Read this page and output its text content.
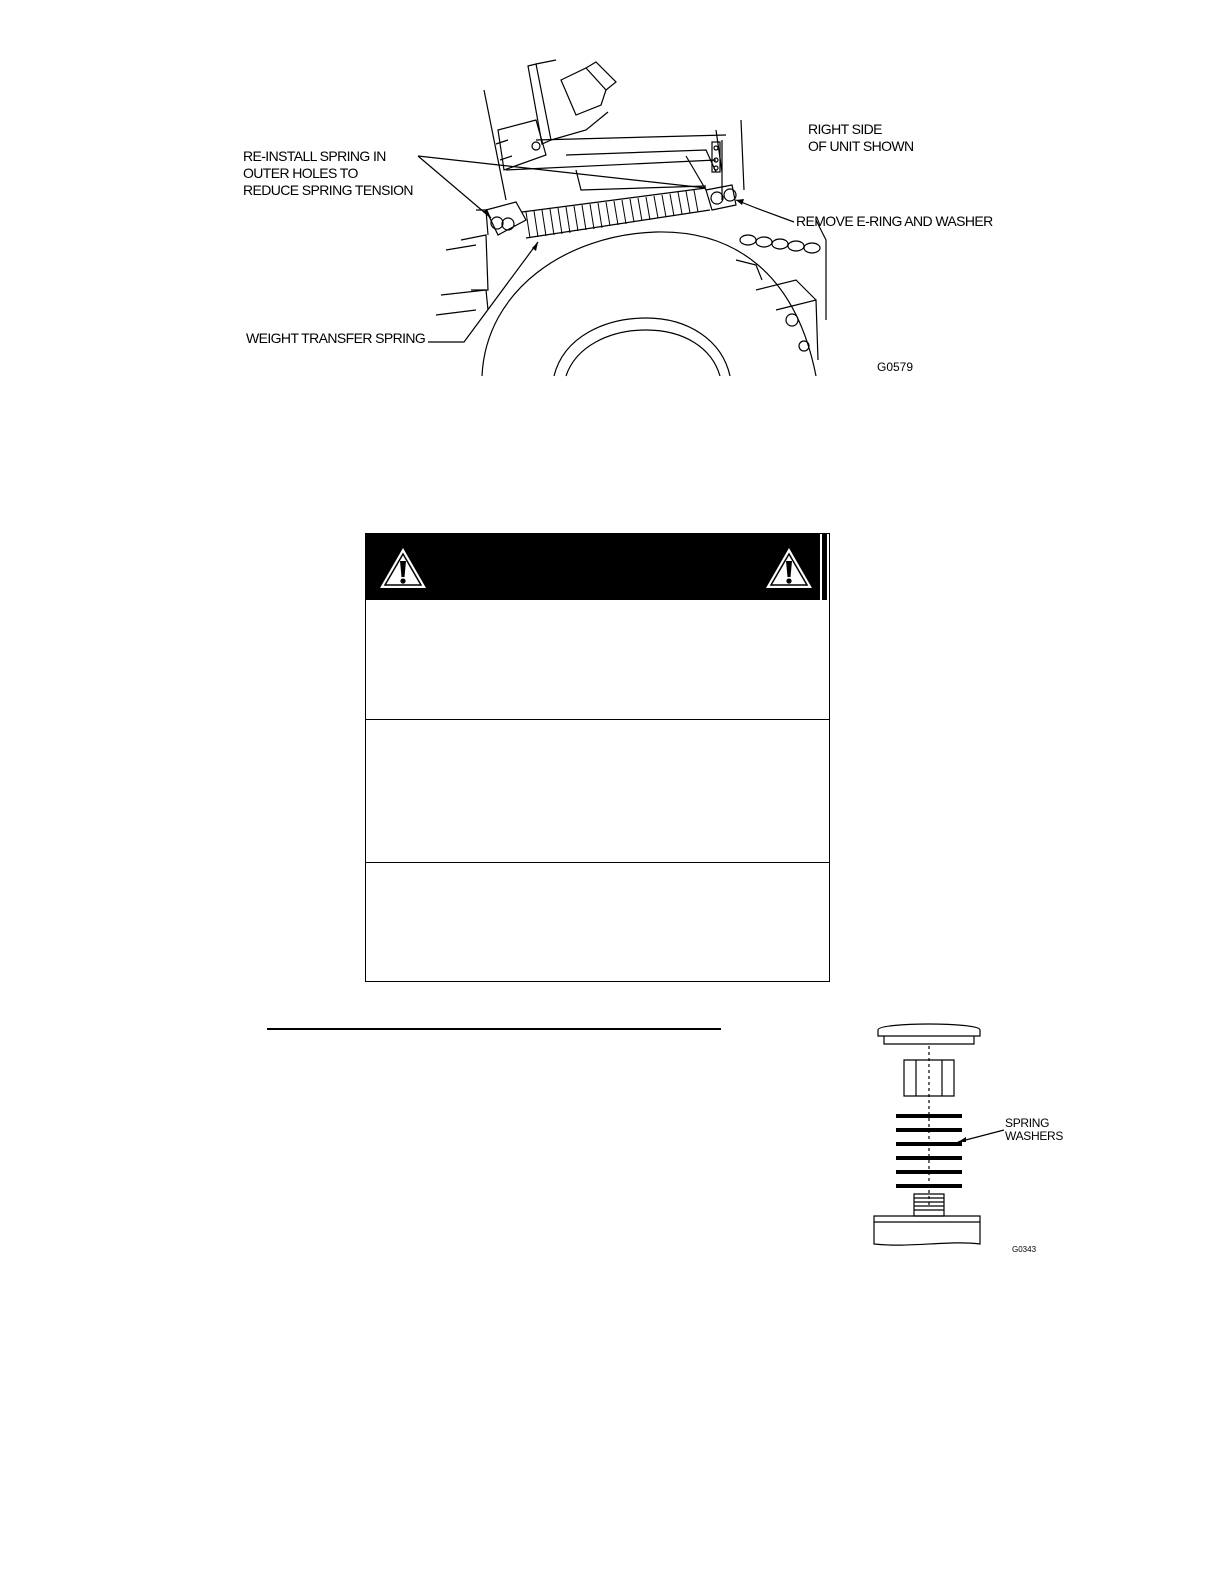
RE-INSTALL SPRING IN
OUTER HOLES TO
REDUCE SPRING TENSION
RIGHT SIDE
OF UNIT SHOWN
REMOVE E-RING AND WASHER
WEIGHT TRANSFER SPRING
G0579
SPRING
WASHERS
G0343
